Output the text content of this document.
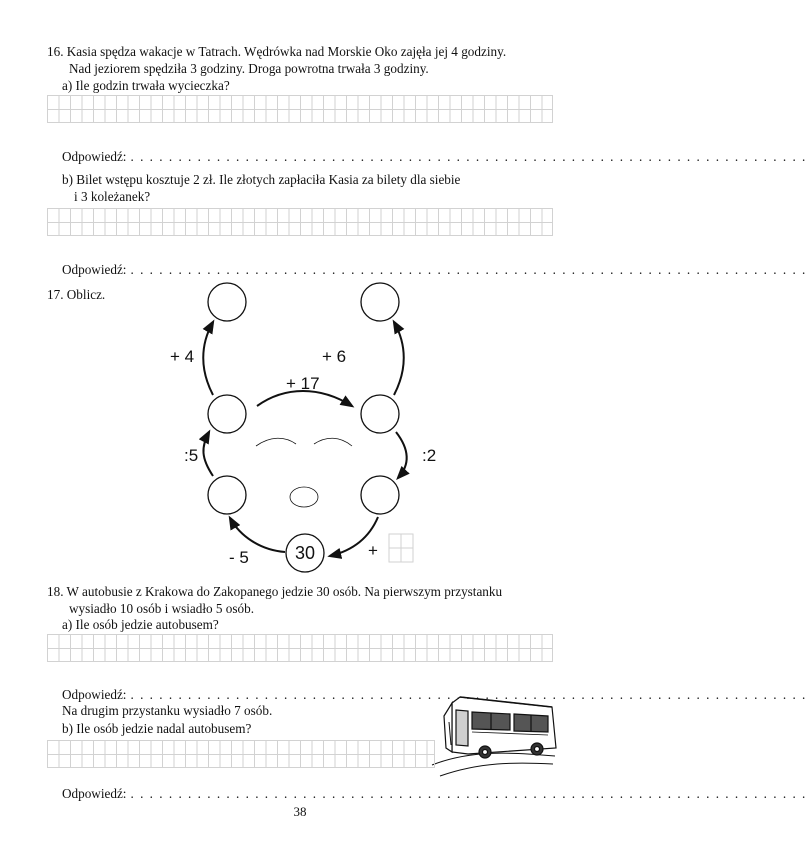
16. Kasia spędza wakacje w Tatrach. Wędrówka nad Morskie Oko zajęła jej 4 godziny.
Nad jeziorem spędziła 3 godziny. Droga powrotna trwała 3 godziny.
a) Ile godzin trwała wycieczka?
Odpowiedź: . . . . . . . . . . . . . . . . . . . . . . . . . . . . . . . . . . . . . . . . . . . . . . . . . . . . . . . . . . . . . . . . . . . . . . .
b) Bilet wstępu kosztuje 2 zł. Ile złotych zapłaciła Kasia za bilety dla siebie
i 3 koleżanek?
Odpowiedź: . . . . . . . . . . . . . . . . . . . . . . . . . . . . . . . . . . . . . . . . . . . . . . . . . . . . . . . . . . . . . . . . . . . . . . .
17. Oblicz.
+ 4	+ 6
+ 17
:5	:2
- 5	+
30
18. W autobusie z Krakowa do Zakopanego jedzie 30 osób. Na pierwszym przystanku
wysiadło 10 osób i wsiadło 5 osób.
a) Ile osób jedzie autobusem?
Odpowiedź: . . . . . . . . . . . . . . . . . . . . . . . . . . . . . . . . . . . . . . . . . . . . . . . . . . . . . . . . . . . . . . . . . . . . . . .
Na drugim przystanku wysiadło 7 osób.
b) Ile osób jedzie nadal autobusem?
Odpowiedź: . . . . . . . . . . . . . . . . . . . . . . . . . . . . . . . . . . . . . . . . . . . . . . . . . . . . . . . . . . . . . . . . . . . . . . .
38
